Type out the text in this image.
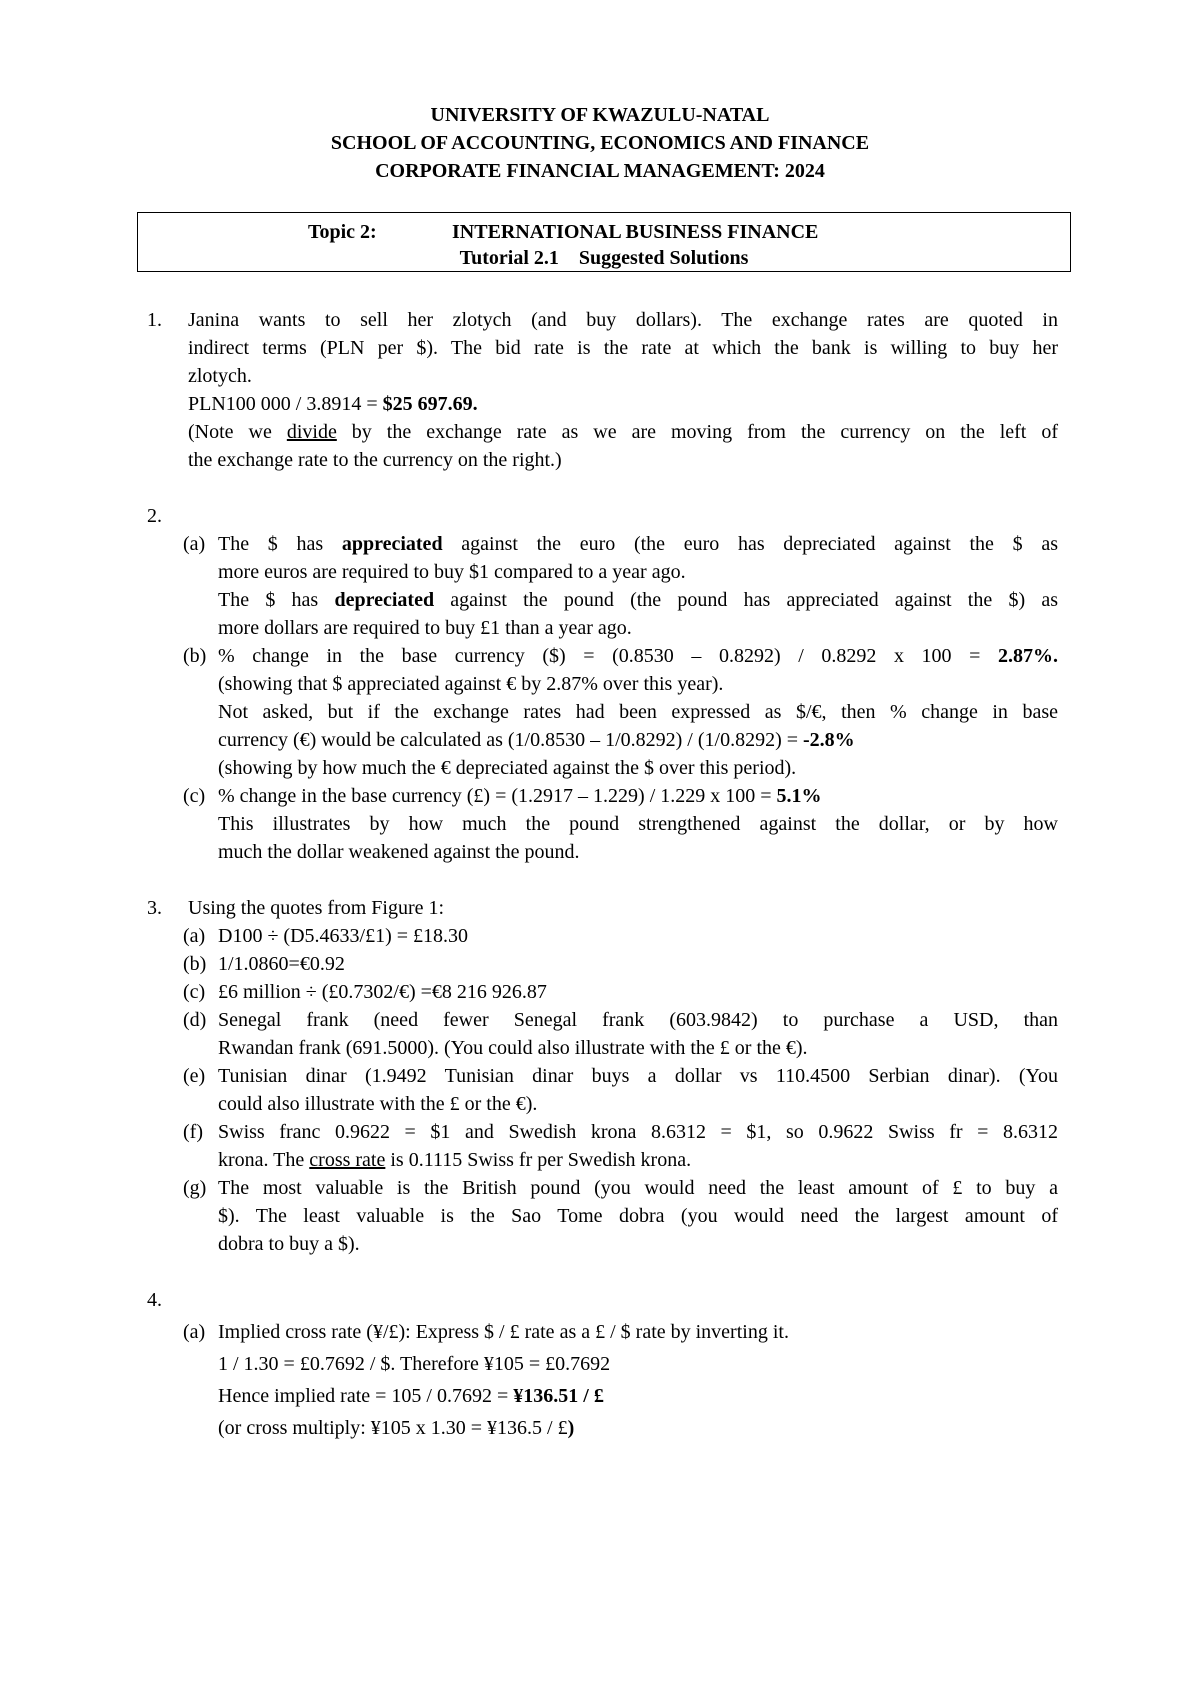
UNIVERSITY OF KWAZULU-NATAL
SCHOOL OF ACCOUNTING, ECONOMICS AND FINANCE
CORPORATE FINANCIAL MANAGEMENT: 2024
Topic 2:	INTERNATIONAL BUSINESS FINANCE
Tutorial 2.1 Suggested Solutions
1. Janina wants to sell her zlotych (and buy dollars). The exchange rates are quoted in
indirect terms (PLN per $). The bid rate is the rate at which the bank is willing to buy her
zlotych.
PLN100 000 / 3.8914 = $25 697.69.
(Note we divide by the exchange rate as we are moving from the currency on the left of
the exchange rate to the currency on the right.)
2.
(a) The $ has appreciated against the euro (the euro has depreciated against the $ as
more euros are required to buy $1 compared to a year ago.
The $ has depreciated against the pound (the pound has appreciated against the $) as
more dollars are required to buy £1 than a year ago.
(b) % change in the base currency ($) = (0.8530 – 0.8292) / 0.8292 x 100 = 2.87%.
(showing that $ appreciated against € by 2.87% over this year).
Not asked, but if the exchange rates had been expressed as $/€, then % change in base
currency (€) would be calculated as (1/0.8530 – 1/0.8292) / (1/0.8292) = -2.8%
(showing by how much the € depreciated against the $ over this period).
(c) % change in the base currency (£) = (1.2917 – 1.229) / 1.229 x 100 = 5.1%
This illustrates by how much the pound strengthened against the dollar, or by how
much the dollar weakened against the pound.
3. Using the quotes from Figure 1:
(a) D100 ÷ (D5.4633/£1) = £18.30
(b) 1/1.0860=€0.92
(c) £6 million ÷ (£0.7302/€) =€8 216 926.87
(d) Senegal frank (need fewer Senegal frank (603.9842) to purchase a USD, than
Rwandan frank (691.5000). (You could also illustrate with the £ or the €).
(e) Tunisian dinar (1.9492 Tunisian dinar buys a dollar vs 110.4500 Serbian dinar). (You
could also illustrate with the £ or the €).
(f) Swiss franc 0.9622 = $1 and Swedish krona 8.6312 = $1, so 0.9622 Swiss fr = 8.6312
krona. The cross rate is 0.1115 Swiss fr per Swedish krona.
(g) The most valuable is the British pound (you would need the least amount of £ to buy a
$). The least valuable is the Sao Tome dobra (you would need the largest amount of
dobra to buy a $).
4.
(a) Implied cross rate (¥/£): Express $ / £ rate as a £ / $ rate by inverting it.
1 / 1.30 = £0.7692 / $. Therefore ¥105 = £0.7692
Hence implied rate = 105 / 0.7692 = ¥136.51 / £
(or cross multiply: ¥105 x 1.30 = ¥136.5 / £)
